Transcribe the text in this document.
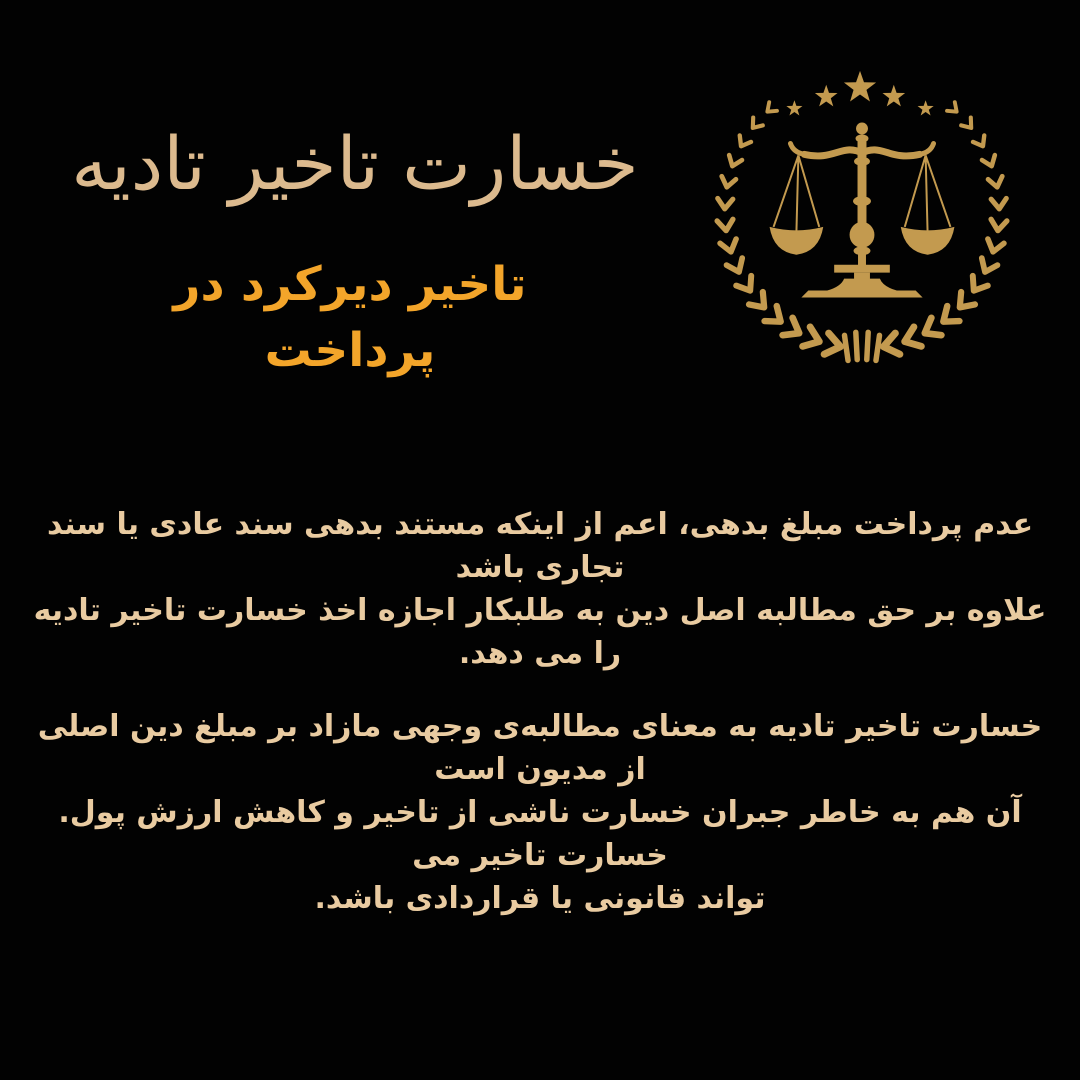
خسارت تاخیر تادیه
تاخیر دیرکرد در
پرداخت

عدم پرداخت مبلغ بدهی، اعم از اینکه مستند بدهی سند عادی یا سند تجاری باشد
علاوه بر حق مطالبه اصل دین به طلبکار اجازه اخذ خسارت تاخیر تادیه را می دهد.

خسارت تاخیر تادیه به معنای مطالبه‌ی وجهی مازاد بر مبلغ دین اصلی از مدیون است
آن هم به خاطر جبران خسارت ناشی از تاخیر و کاهش ارزش پول. خسارت تاخیر می
تواند قانونی یا قراردادی باشد.
